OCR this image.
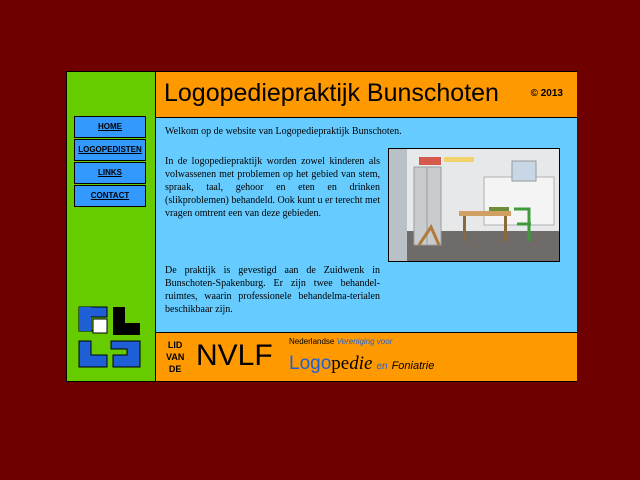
Logopediepraktijk Bunschoten	© 2013
HOME
LOGOPEDISTEN
LINKS
CONTACT
Welkom op de website van Logopediepraktijk Bunschoten.
In de logopediepraktijk worden zowel kinderen als volwassenen met problemen op het gebied van stem, spraak, taal, gehoor en eten en drinken (slikproblemen) behandeld. Ook kunt u er terecht met vragen omtrent een van deze gebieden.
De praktijk is gevestigd aan de Zuidwenk in Bunschoten-Spakenburg. Er zijn twee behandel-ruimtes, waarin professionele behandelma-terialen beschikbaar zijn.
LID
VAN
DE NVLF Nederlandse Vereniging voor
Logopedie en Foniatrie
